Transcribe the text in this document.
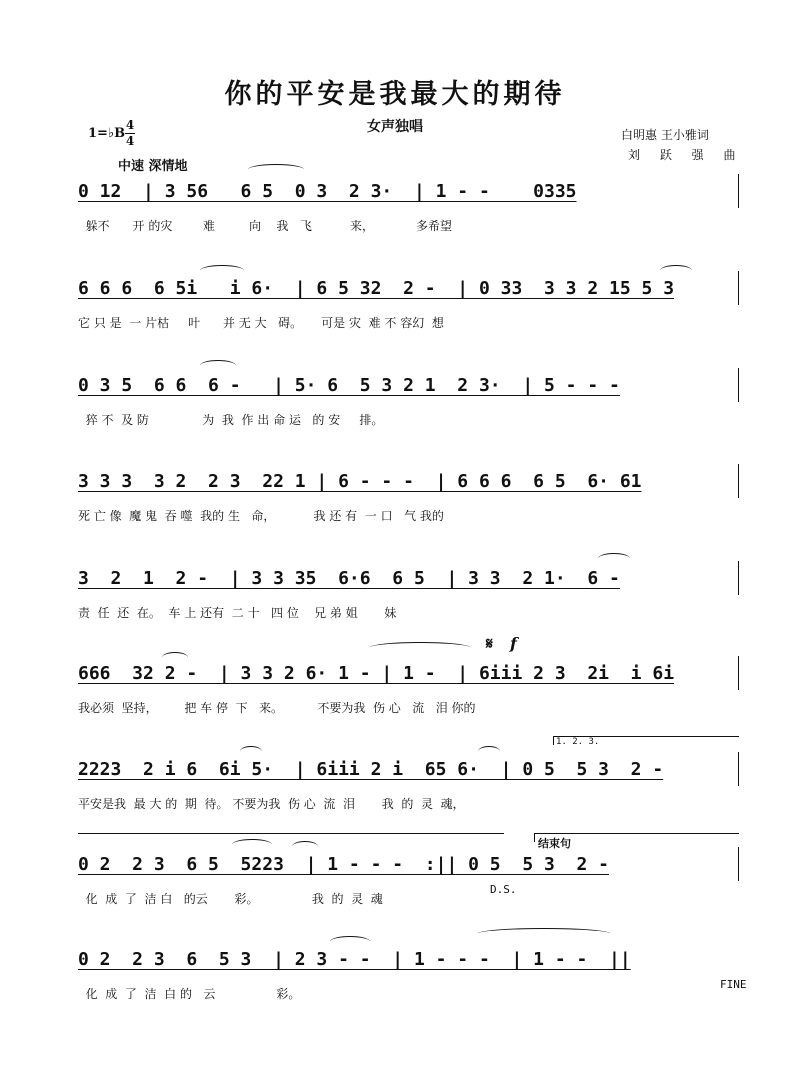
你的平安是我最大的期待
女声独唱
1=♭B
4
4	白明惠 王小雅词
刘 跃 强 曲
中速 深情地
0 12  | 3 56   6 5  0 3  2 3·  | 1 - -    0335
躲不      开 的灾        难         向    我   飞          来，           多希望
6 6 6  6 5i   i 6·  | 6 5 32  2 -  | 0 33  3 3 2 15 5 3
它 只 是  一 片枯     叶      并 无 大   碍。     可是 灾  难 不 容幻  想
0 3 5  6 6  6 -   | 5· 6  5 3 2 1  2 3·  | 5 - - -
猝 不  及 防              为  我  作 出 命 运   的 安     排。
3 3 3  3 2  2 3  22 1 | 6 - - -  | 6 6 6  6 5  6· 61
死 亡 像  魔 鬼  吞 噬  我的 生   命，          我 还 有  一 口   气 我的
3  2  1  2 -  | 3 3 35  6·6  6 5  | 3 3  2 1·  6 -
责  任  还  在。  车 上 还有  二 十   四 位    兄 弟 姐       妹
666  32 2 -  | 3 3 2 6· 1 - | 1 -  | 6iii 2 3  2i  i 6i
我必须  坚持，       把 车 停  下   来。         不要为我  伤 心   流   泪 你的
𝄋 f
1. 2. 3.
2223  2 i 6  6i 5·  | 6iii 2 i  65 6·  | 0 5  5 3  2 -
平安是我  最 大 的  期  待。 不要为我  伤 心  流  泪       我  的  灵  魂，
结束句
0 2  2 3  6 5  5223  | 1 - - -  :|| 0 5  5 3  2 -
化  成  了  洁 白   的云       彩。              我  的  灵  魂
D.S.
0 2  2 3  6  5 3  | 2 3 - -  | 1 - - -  | 1 - -  ||
化  成  了  洁  白 的   云                彩。
FINE
